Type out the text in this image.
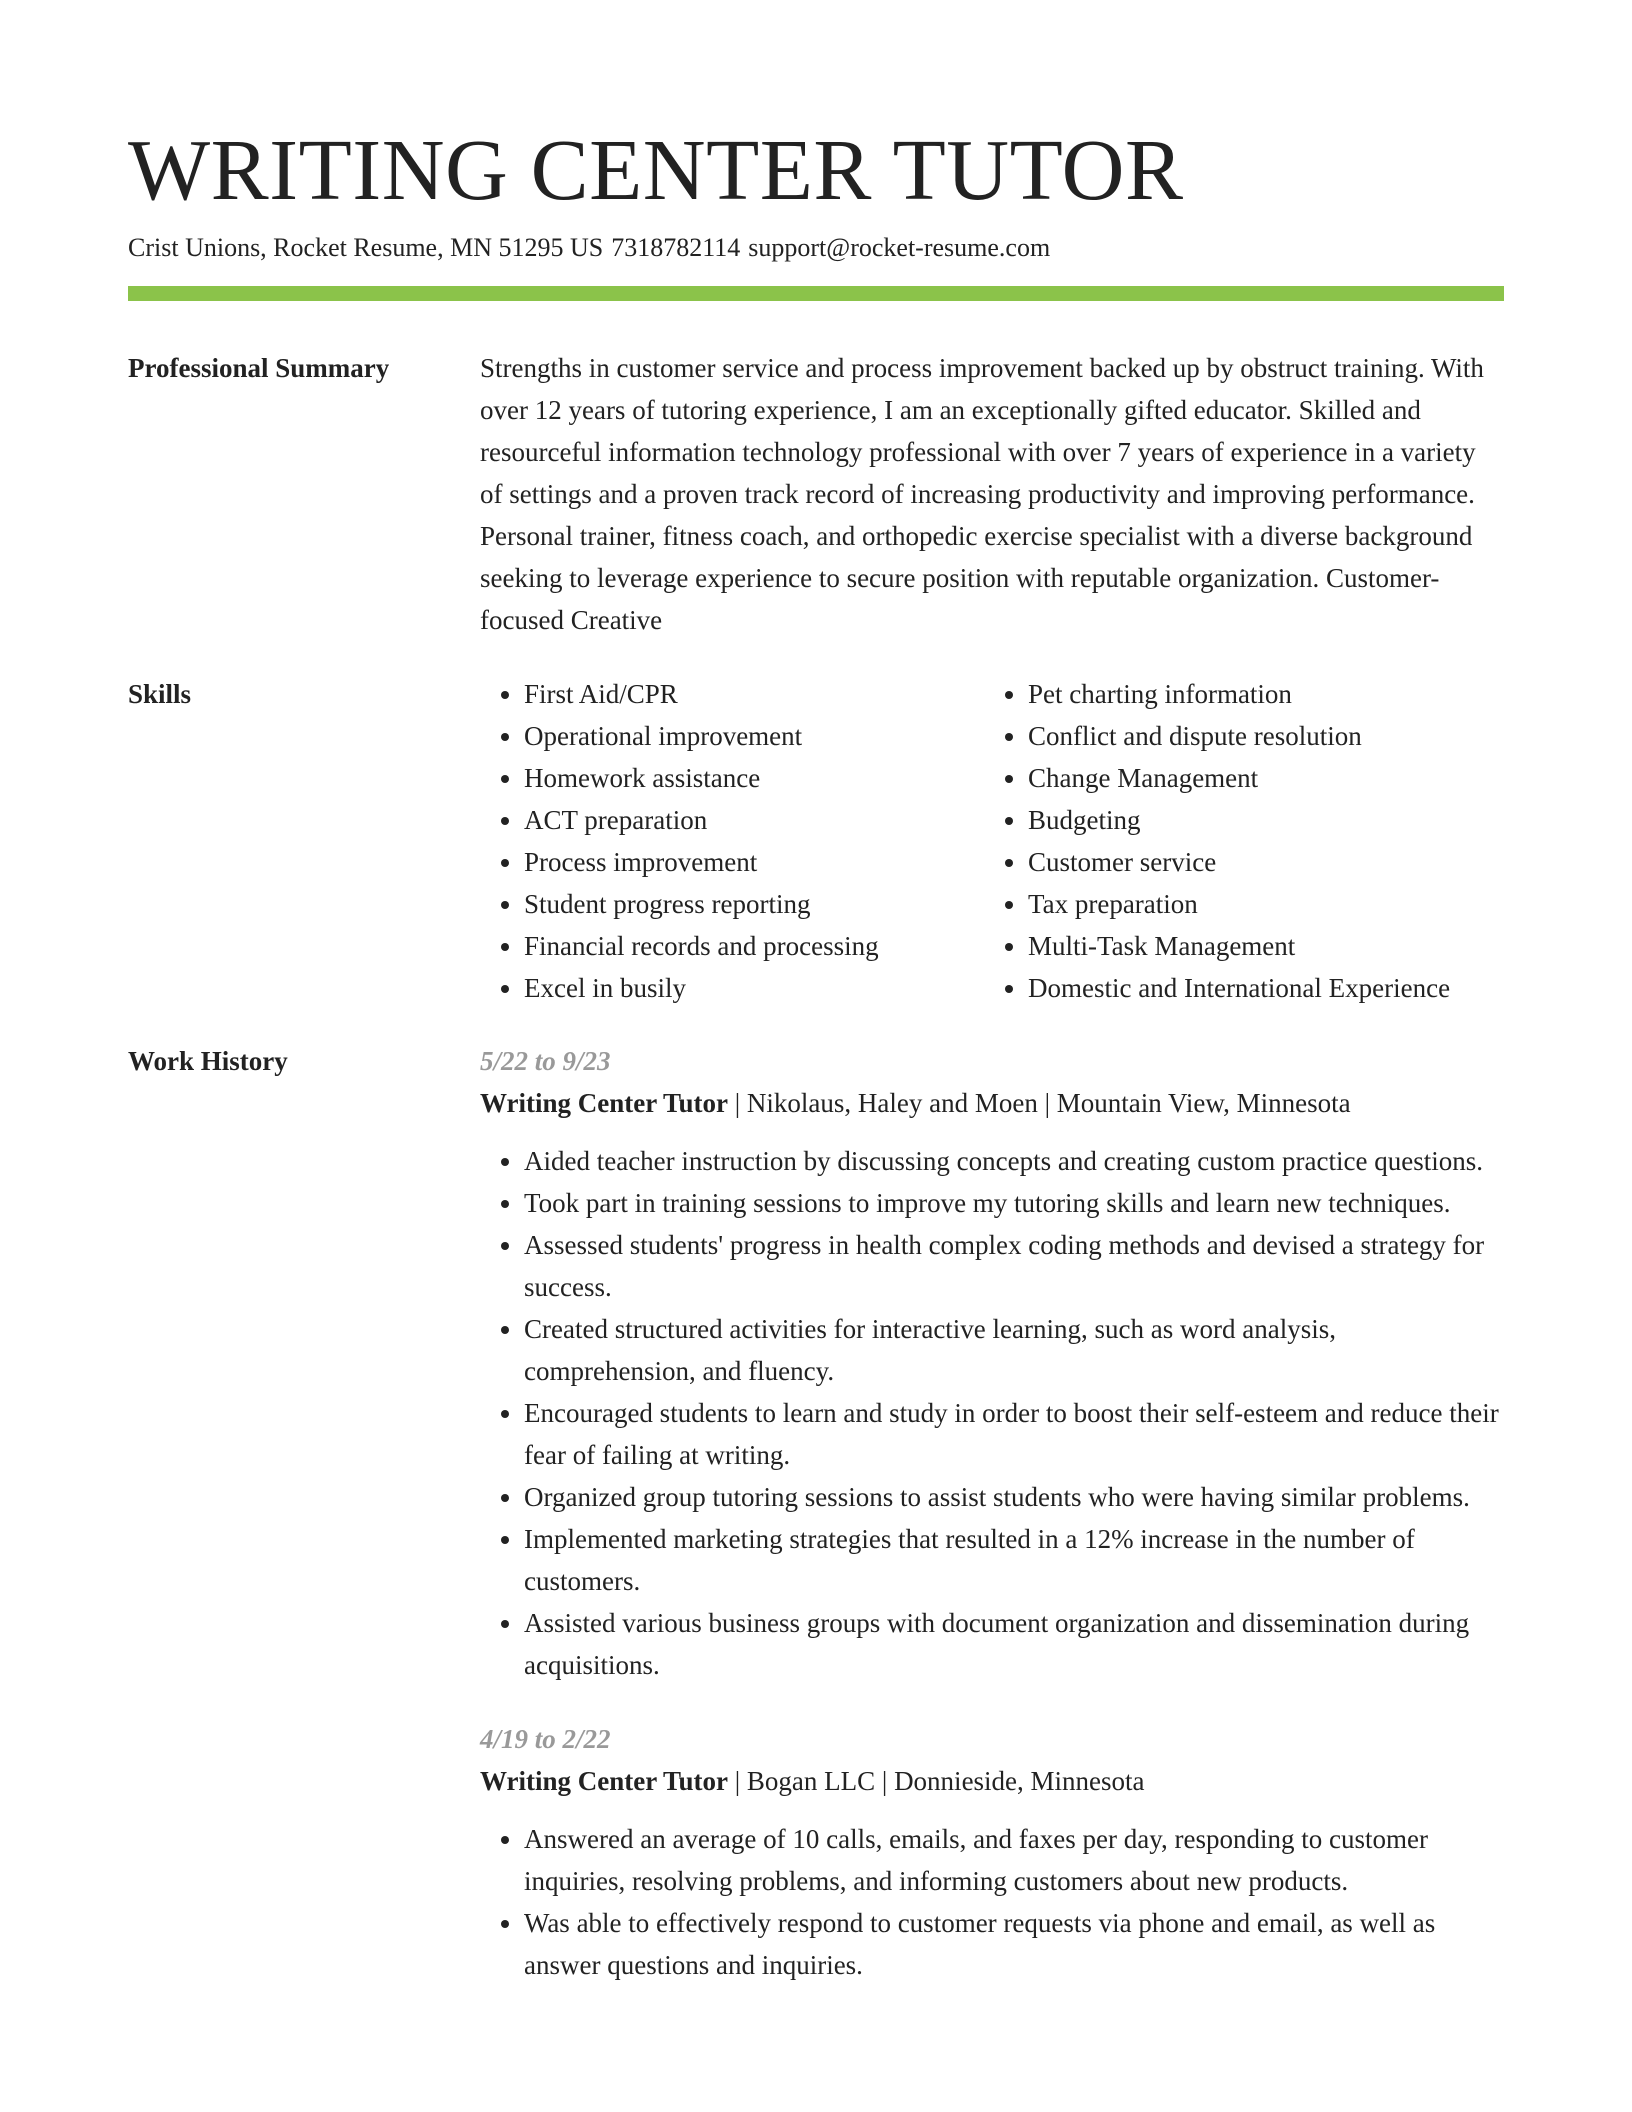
WRITING CENTER TUTOR
Crist Unions, Rocket Resume, MN 51295 US 7318782114 support@rocket-resume.com
Professional Summary	Strengths in customer service and process improvement backed up by obstruct training. With over 12 years of tutoring experience, I am an exceptionally gifted educator. Skilled and resourceful information technology professional with over 7 years of experience in a variety of settings and a proven track record of increasing productivity and improving performance. Personal trainer, fitness coach, and orthopedic exercise specialist with a diverse background seeking to leverage experience to secure position with reputable organization. Customer-focused Creative

Skills
•	First Aid/CPR
• Operational improvement
• Homework assistance
• ACT preparation
• Process improvement
• Student progress reporting
• Financial records and processing
• Excel in busily
• Pet charting information
• Conflict and dispute resolution
• Change Management
• Budgeting
• Customer service
• Tax preparation
• Multi-Task Management
• Domestic and International Experience
Work History	5/22 to 9/23
Writing Center Tutor | Nikolaus, Haley and Moen | Mountain View, Minnesota
• Aided teacher instruction by discussing concepts and creating custom practice questions.
• Took part in training sessions to improve my tutoring skills and learn new techniques.
• Assessed students' progress in health complex coding methods and devised a strategy for success.
• Created structured activities for interactive learning, such as word analysis, comprehension, and fluency.
• Encouraged students to learn and study in order to boost their self-esteem and reduce their fear of failing at writing.
• Organized group tutoring sessions to assist students who were having similar problems.
• Implemented marketing strategies that resulted in a 12% increase in the number of customers.
• Assisted various business groups with document organization and dissemination during acquisitions.
4/19 to 2/22
Writing Center Tutor | Bogan LLC | Donnieside, Minnesota
• Answered an average of 10 calls, emails, and faxes per day, responding to customer inquiries, resolving problems, and informing customers about new products.
• Was able to effectively respond to customer requests via phone and email, as well as answer questions and inquiries.
